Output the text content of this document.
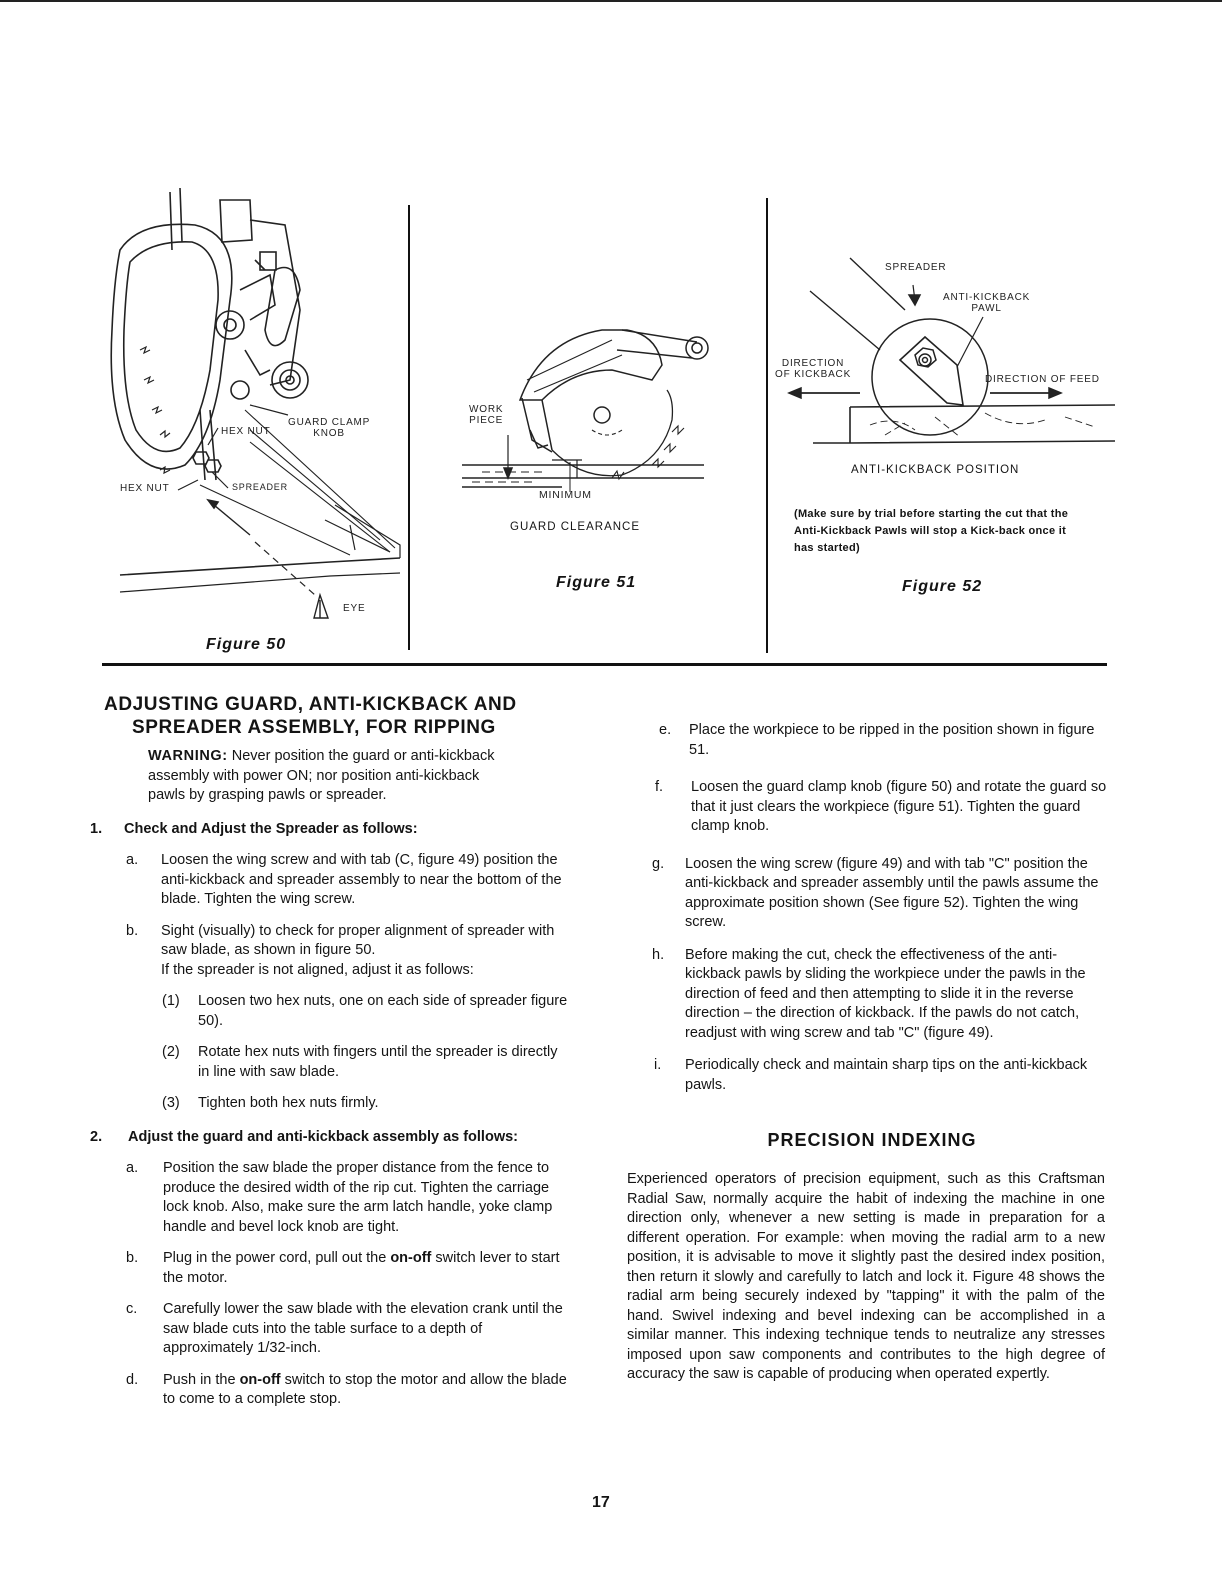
GUARD CLAMP
KNOB
HEX NUT
HEX NUT	SPREADER
EYE
Figure 50
WORK
PIECE
MINIMUM
GUARD CLEARANCE
Figure 51
SPREADER
ANTI-KICKBACK
PAWL
DIRECTION
OF KICKBACK	DIRECTION OF FEED
ANTI-KICKBACK POSITION
(Make sure by trial before starting the cut that the Anti-Kickback Pawls will stop a Kick-back once it has started)
Figure 52
ADJUSTING GUARD, ANTI-KICKBACK AND
SPREADER ASSEMBLY, FOR RIPPING
WARNING: Never position the guard or anti-kickback assembly with power ON; nor position anti-kickback pawls by grasping pawls or spreader.
1. Check and Adjust the Spreader as follows:
a. Loosen the wing screw and with tab (C, figure 49) position the anti-kickback and spreader assembly to near the bottom of the blade. Tighten the wing screw.
b. Sight (visually) to check for proper alignment of spreader with saw blade, as shown in figure 50.
If the spreader is not aligned, adjust it as follows:
(1) Loosen two hex nuts, one on each side of spreader figure 50).
(2) Rotate hex nuts with fingers until the spreader is directly in line with saw blade.
(3) Tighten both hex nuts firmly.
2. Adjust the guard and anti-kickback assembly as follows:
a. Position the saw blade the proper distance from the fence to produce the desired width of the rip cut. Tighten the carriage lock knob. Also, make sure the arm latch handle, yoke clamp handle and bevel lock knob are tight.
b. Plug in the power cord, pull out the on-off switch lever to start the motor.
c. Carefully lower the saw blade with the elevation crank until the saw blade cuts into the table surface to a depth of approximately 1/32-inch.
d. Push in the on-off switch to stop the motor and allow the blade to come to a complete stop.
e. Place the workpiece to be ripped in the position shown in figure 51.
f. Loosen the guard clamp knob (figure 50) and rotate the guard so that it just clears the workpiece (figure 51). Tighten the guard clamp knob.
g. Loosen the wing screw (figure 49) and with tab "C" position the anti-kickback and spreader assembly until the pawls assume the approximate position shown (See figure 52). Tighten the wing screw.
h. Before making the cut, check the effectiveness of the anti-kickback pawls by sliding the workpiece under the pawls in the direction of feed and then attempting to slide it in the reverse direction – the direction of kickback. If the pawls do not catch, readjust with wing screw and tab "C" (figure 49).
i. Periodically check and maintain sharp tips on the anti-kickback pawls.
PRECISION INDEXING
Experienced operators of precision equipment, such as this Craftsman Radial Saw, normally acquire the habit of indexing the machine in one direction only, whenever a new setting is made in preparation for a different operation. For example: when moving the radial arm to a new position, it is advisable to move it slightly past the desired index position, then return it slowly and carefully to latch and lock it. Figure 48 shows the radial arm being securely indexed by "tapping" it with the palm of the hand. Swivel indexing and bevel indexing can be accomplished in a similar manner. This indexing technique tends to neutralize any stresses imposed upon saw components and contributes to the high degree of accuracy the saw is capable of producing when operated expertly.
17
